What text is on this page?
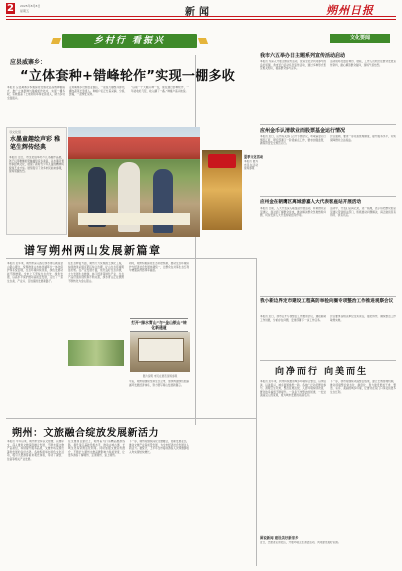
2	2025年8月8日
星期五	新闻	朔州日报
乡村行 看振兴
应县威寨乡：
“立体套种+错峰轮作”实现一棚多收
本报讯 应县威寨乡积极探索设施农业高效种植模式，推广立体套种与错峰轮作技术，实现一棚多收，有效提高了土地利用率和农民收入，助力乡村全面振兴。
走进威寨乡设施农业园区，一座座大棚整齐排列，棚内蔬菜长势喜人。种植户们正忙着采摘、分拣、装箱，一派繁忙景象。
“以前一个大棚只种一茬，现在通过套种轮作，一年能收好几茬，收入翻了一番。”种植户高兴地说。
寻文化馆
水墨童趣绘声彩 稚笔生辉传经典
本报讯 近日，市文化馆举办少儿书画作品展，孩子们用稚嫩的笔触描绘家乡美景，以水墨丹青传承经典文化，展现了新时代少年儿童的精神风貌和艺术才华。展览吸引了众多市民前来参观，现场氛围热烈。
夏季文化活动
本报讯 图为市民在活动现场参观
谱写朔州两山发展新篇章
本报讯 近年来，朔州市深入践行绿水青山就是金山银山理念，统筹推进山水林田湖草沙一体化保护和系统治理，生态环境持续改善，绿色发展动能不断增强。全市上下坚持生态优先、绿色发展，以高水平保护推动高质量发展，走出了一条生态美、产业兴、百姓富的发展新路子。
在生态修复方面，朔州大力实施国土绿化工程，持续推进采煤沉陷区综合治理，矿山生态环境明显好转。在产业发展方面，依托良好生态资源，大力发展生态旅游、林下经济等绿色产业，生态产品价值实现机制不断完善，绿水青山正在源源不断转化为金山银山。
同时，朔州积极探索生态补偿机制，推动生态环境保护与经济社会发展协调统一，让群众在共享生态红利中增强获得感和幸福感。
打开“绿水青山”与“金山银山”转化新通道
图片说明 市民在展览现场参观
今后，朔州将继续坚持生态立市，加快构建绿色低碳循环发展经济体系，努力谱写两山发展新篇章。
朔州：文旅融合绽放发展新活力
本报讯 今年以来，朔州市坚持以文塑旅、以旅彰文，深入推进文旅深度融合发展，不断丰富文旅产品供给，持续提升服务品质，文旅市场呈现出蓬勃发展的良好态势。各地积极举办特色文化活动，吸引大批游客前来观光体验，带动了餐饮、住宿等相关产业发展。
在文旅项目建设上，朔州着力打造精品旅游线路，提升景区基础设施水平，推动古城古堡、长城文化等资源活化利用。同时加强文旅宣传推介，不断扩大朔州文旅品牌影响力和美誉度，让更多游客了解朔州、走进朔州、爱上朔州。
下一步，朔州将继续深化文旅融合，创新发展业态，推动文旅产业高质量发展，为全市经济社会发展注入新活力。据统计，上半年全市接待游客人次和旅游收入均实现较快增长。
文化要闻
我市六五举办日主题系列宣传活动启动
本报讯 为深入开展主题宣传活动，营造全社会共同参与的良好氛围，我市近日启动系列宣传活动，通过多种形式普及相关知识，提高群众参与意识。
活动现场设置咨询台、展板，工作人员向过往群众发放宣传资料，耐心解答群众疑问，现场气氛热烈。
应州金币认清款业而股票基金运行情况
本报讯 近日，应州有关部门召开专题会议，听取基金运行情况汇报，研究部署下一阶段重点工作，要求加强监管，确保资金安全规范运行。
会议强调，要进一步完善管理制度，提升服务水平，切实保障群众合法权益。
应州金在朝鹰区离城游嘉人大代表客座站开展活动
本报讯 日前，人大代表深入联络站开展活动，听取群众意见建议，面对面了解群众诉求，推动解决群众急难愁盼问题，切实发挥人大代表桥梁纽带作用。
活动中，代表们认真记录，逐一梳理，表示将把群众的意见建议带到相关部门，积极推动问题解决，真正做到民有所呼、我有所应。
我小新边界定市建设工程高防举验向圈专项整治工作推进观察会议
本报讯 近日，我市召开专项整治工作推进会议，通报前期工作进展，分析存在问题，安排部署下一步工作任务。
会议要求各相关单位压实责任，强化协作，确保整治工作取得实效。
向净而行 向美而生
本报讯 近年来，我市持续推进城乡环境综合整治，以净促美、以美促兴，城乡面貌焕然一新。各地广泛动员群众参与，清理卫生死角，整治乱堆乱放，人居环境持续改善，群众的幸福感不断提升。一条条干净整洁的街道，一处处美丽宜人的景观，成为城市发展的亮丽名片。
下一步，我市将继续巩固整治成果，建立长效管理机制，推动环境整治常态化、制度化，努力建设更加干净、整洁、有序、美丽的城乡环境，让群众在家门口享受到更多生态红利。
图说新闻 建设美好新家乡
近日，志愿者走进社区，开展环境卫生清洁活动，共同建设美好家园。
